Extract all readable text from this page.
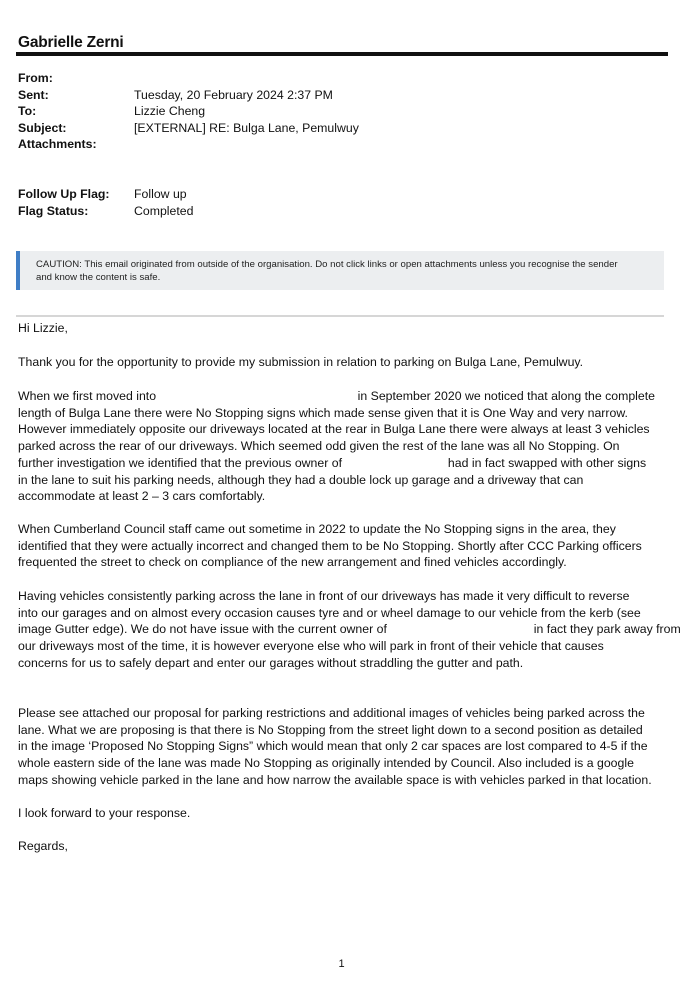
Gabrielle Zerni
From:
Sent:	Tuesday, 20 February 2024 2:37 PM
To:	Lizzie Cheng
Subject:	[EXTERNAL] RE: Bulga Lane, Pemulwuy
Attachments:
Follow Up Flag: Follow up
Flag Status:	Completed
CAUTION: This email originated from outside of the organisation. Do not click links or open attachments unless you recognise the sender
and know the content is safe.

Hi Lizzie,

Thank you for the opportunity to provide my submission in relation to parking on Bulga Lane, Pemulwuy.

When we first moved into                                                           in September 2020 we noticed that along the complete

length of Bulga Lane there were No Stopping signs which made sense given that it is One Way and very narrow.

However immediately opposite our driveways located at the rear in Bulga Lane there were always at least 3 vehicles

parked across the rear of our driveways. Which seemed odd given the rest of the lane was all No Stopping. On

further investigation we identified that the previous owner of                               had in fact swapped with other signs

in the lane to suit his parking needs, although they had a double lock up garage and a driveway that can

accommodate at least 2 – 3 cars comfortably.

When Cumberland Council staff came out sometime in 2022 to update the No Stopping signs in the area, they

identified that they were actually incorrect and changed them to be No Stopping. Shortly after CCC Parking officers

frequented the street to check on compliance of the new arrangement and fined vehicles accordingly.

Having vehicles consistently parking across the lane in front of our driveways has made it very difficult to reverse

into our garages and on almost every occasion causes tyre and or wheel damage to our vehicle from the kerb (see

image Gutter edge). We do not have issue with the current owner of                                           in fact they park away from

our driveways most of the time, it is however everyone else who will park in front of their vehicle that causes

concerns for us to safely depart and enter our garages without straddling the gutter and path.

Please see attached our proposal for parking restrictions and additional images of vehicles being parked across the

lane. What we are proposing is that there is No Stopping from the street light down to a second position as detailed

in the image ‘Proposed No Stopping Signs” which would mean that only 2 car spaces are lost compared to 4-5 if the

whole eastern side of the lane was made No Stopping as originally intended by Council. Also included is a google

maps showing vehicle parked in the lane and how narrow the available space is with vehicles parked in that location.

I look forward to your response.

Regards,

1
